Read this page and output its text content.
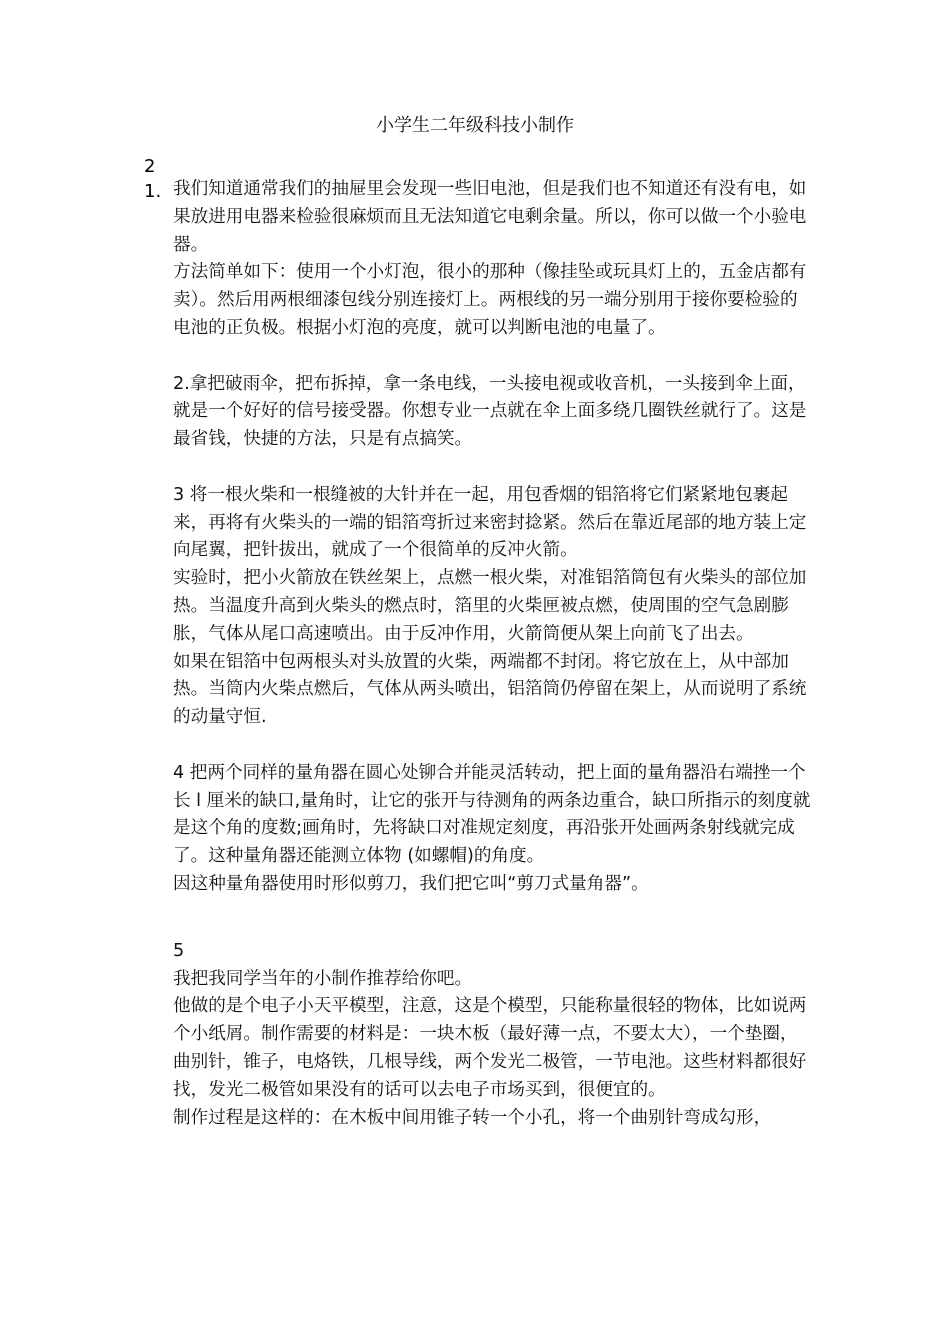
小学生二年级科技小制作
2
1. 我们知道通常我们的抽屉里会发现一些旧电池，但是我们也不知道还有没有电，如果放进用电器来检验很麻烦而且无法知道它电剩余量。所以，你可以做一个小验电器。

方法简单如下：使用一个小灯泡，很小的那种（像挂坠或玩具灯上的，五金店都有卖）。然后用两根细漆包线分别连接灯上。两根线的另一端分别用于接你要检验的电池的正负极。根据小灯泡的亮度，就可以判断电池的电量了。

2.拿把破雨伞，把布拆掉，拿一条电线，一头接电视或收音机，一头接到伞上面，就是一个好好的信号接受器。你想专业一点就在伞上面多绕几圈铁丝就行了。这是最省钱，快捷的方法，只是有点搞笑。

3 将一根火柴和一根缝被的大针并在一起，用包香烟的铝箔将它们紧紧地包裹起来，再将有火柴头的一端的铝箔弯折过来密封捻紧。然后在靠近尾部的地方装上定向尾翼，把针拔出，就成了一个很简单的反冲火箭。

实验时，把小火箭放在铁丝架上，点燃一根火柴，对准铝箔筒包有火柴头的部位加热。当温度升高到火柴头的燃点时，箔里的火柴匣被点燃，使周围的空气急剧膨胀，气体从尾口高速喷出。由于反冲作用，火箭筒便从架上向前飞了出去。

如果在铝箔中包两根头对头放置的火柴，两端都不封闭。将它放在上，从中部加热。当筒内火柴点燃后，气体从两头喷出，铝箔筒仍停留在架上，从而说明了系统的动量守恒.

4 把两个同样的量角器在圆心处铆合并能灵活转动，把上面的量角器沿右端挫一个长 l 厘米的缺口,量角时，让它的张开与待测角的两条边重合，缺口所指示的刻度就是这个角的度数;画角时，先将缺口对准规定刻度，再沿张开处画两条射线就完成了。这种量角器还能测立体物 (如螺帽)的角度。

因这种量角器使用时形似剪刀，我们把它叫“剪刀式量角器”。

5

我把我同学当年的小制作推荐给你吧。

他做的是个电子小天平模型，注意，这是个模型，只能称量很轻的物体，比如说两个小纸屑。制作需要的材料是：一块木板（最好薄一点，不要太大），一个垫圈，曲别针，锥子，电烙铁，几根导线，两个发光二极管，一节电池。这些材料都很好找，发光二极管如果没有的话可以去电子市场买到，很便宜的。

制作过程是这样的：在木板中间用锥子转一个小孔，将一个曲别针弯成勾形，
